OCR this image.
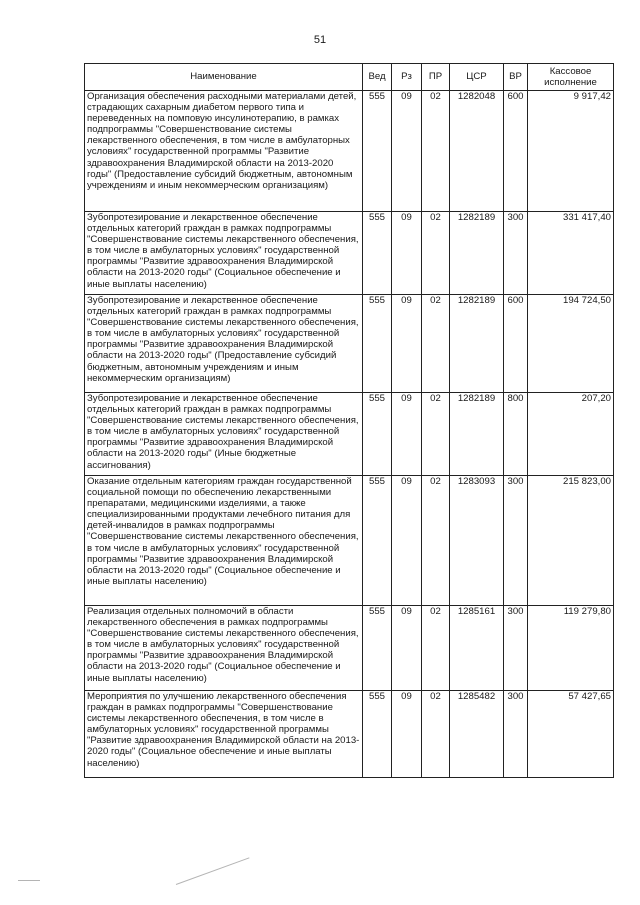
51
Наименование	Вед	Рз	ПР	ЦСР	ВР	Кассовое исполнение
Организация обеспечения расходными материалами детей, страдающих сахарным диабетом первого типа и переведенных на помповую инсулинотерапию, в рамках подпрограммы "Совершенствование системы лекарственного обеспечения, в том числе в амбулаторных условиях" государственной программы "Развитие здравоохранения Владимирской области на 2013-2020 годы" (Предоставление субсидий бюджетным, автономным учреждениям и иным некоммерческим организациям)	555	09	02	1282048	600	9 917,42
Зубопротезирование и лекарственное обеспечение отдельных категорий граждан в рамках подпрограммы "Совершенствование системы лекарственного обеспечения, в том числе в амбулаторных условиях" государственной программы "Развитие здравоохранения Владимирской области на 2013-2020 годы" (Социальное обеспечение и иные выплаты населению)	555	09	02	1282189	300	331 417,40
Зубопротезирование и лекарственное обеспечение отдельных категорий граждан в рамках подпрограммы "Совершенствование системы лекарственного обеспечения, в том числе в амбулаторных условиях" государственной программы "Развитие здравоохранения Владимирской области на 2013-2020 годы" (Предоставление субсидий бюджетным, автономным учреждениям и иным некоммерческим организациям)	555	09	02	1282189	600	194 724,50
Зубопротезирование и лекарственное обеспечение отдельных категорий граждан в рамках подпрограммы "Совершенствование системы лекарственного обеспечения, в том числе в амбулаторных условиях" государственной программы "Развитие здравоохранения Владимирской области на 2013-2020 годы" (Иные бюджетные ассигнования)	555	09	02	1282189	800	207,20
Оказание отдельным категориям граждан государственной социальной помощи по обеспечению лекарственными препаратами, медицинскими изделиями, а также специализированными продуктами лечебного питания для детей-инвалидов в рамках подпрограммы "Совершенствование системы лекарственного обеспечения, в том числе в амбулаторных условиях" государственной программы "Развитие здравоохранения Владимирской области на 2013-2020 годы" (Социальное обеспечение и иные выплаты населению)	555	09	02	1283093	300	215 823,00
Реализация отдельных полномочий в области лекарственного обеспечения в рамках подпрограммы "Совершенствование системы лекарственного обеспечения, в том числе в амбулаторных условиях" государственной программы "Развитие здравоохранения Владимирской области на 2013-2020 годы" (Социальное обеспечение и иные выплаты населению)	555	09	02	1285161	300	119 279,80
Мероприятия по улучшению лекарственного обеспечения граждан в рамках подпрограммы "Совершенствование системы лекарственного обеспечения, в том числе в амбулаторных условиях" государственной программы "Развитие здравоохранения Владимирской области на 2013-2020 годы" (Социальное обеспечение и иные выплаты населению)	555	09	02	1285482	300	57 427,65
